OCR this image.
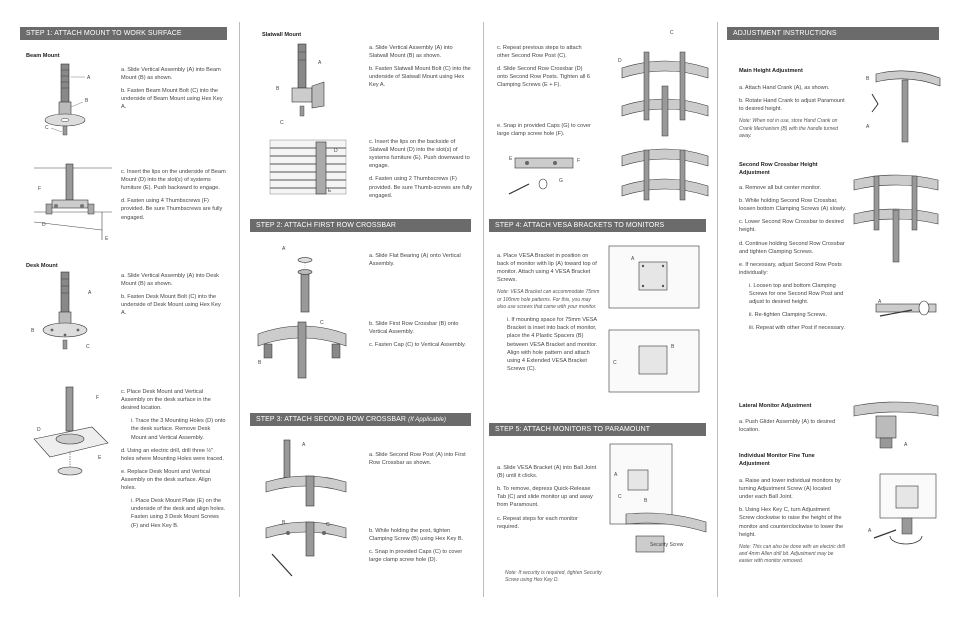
STEP 1: ATTACH MOUNT TO WORK SURFACE
Beam Mount
A
B
C

a. Slide Vertical Assembly (A) into Beam Mount (B) as shown.

b. Fasten Beam Mount Bolt (C) into the underside of Beam Mount using Hex Key A.

F
D
E

c. Insert the lips on the underside of Beam Mount (D) into the slot(s) of systems furniture (E). Push backward to engage.

d. Fasten using 4 Thumbscrews (F) provided. Be sure Thumbscrews are fully engaged.

Desk Mount
A
B
C

a. Slide Vertical Assembly (A) into Desk Mount (B) as shown.

b. Fasten Desk Mount Bolt (C) into the underside of Desk Mount using Hex Key A.

F
D
E

c. Place Desk Mount and Vertical Assembly on the desk surface in the desired location.

i. Trace the 3 Mounting Holes (D) onto the desk surface. Remove Desk Mount and Vertical Assembly.

d. Using an electric drill, drill three ½" holes where Mounting Holes were traced.

e. Replace Desk Mount and Vertical Assembly on the desk surface. Align holes.

i. Place Desk Mount Plate (E) on the underside of the desk and align holes. Fasten using 3 Desk Mount Screws (F) and Hex Key B.

Slatwall Mount
A
B
C

a. Slide Vertical Assembly (A) into Slatwall Mount (B) as shown.

b. Fasten Slatwall Mount Bolt (C) into the underside of Slatwall Mount using Hex Key A.

D
E

c. Insert the lips on the backside of Slatwall Mount (D) into the slot(s) of systems furniture (E). Push downward to engage.

d. Fasten using 2 Thumbscrews (F) provided. Be sure Thumb-screws are fully engaged.

STEP 2: ATTACH FIRST ROW CROSSBAR
A

a. Slide Flat Bearing (A) onto Vertical Assembly.

C
B

b. Slide First Row Crossbar (B) onto Vertical Assembly.

c. Fasten Cap (C) to Vertical Assembly.

STEP 3: ATTACH SECOND ROW CROSSBAR (If Applicable)
A
B	C

a. Slide Second Row Post (A) into First Row Crossbar as shown.

b. While holding the post, tighten Clamping Screw (B) using Hex Key B.

c. Snap in provided Caps (C) to cover large clamp screw hole (D).

c. Repeat previous steps to attach other Second Row Post (C).

d. Slide Second Row Crossbar (D) onto Second Row Posts. Tighten all 6 Clamping Screws (E + F).

C
D

e. Snap in provided Caps (G) to cover large clamp screw hole (F).

E	F
G
STEP 4: ATTACH VESA BRACKETS TO MONITORS

a. Place VESA Bracket in position on back of monitor with lip (A) toward top of monitor. Attach using 4 VESA Bracket Screws.

Note: VESA Bracket can accommodate 75mm or 100mm hole patterns. For this, you may also use screws that came with your monitor.

i. If mounting space for 75mm VESA Bracket is inset into back of monitor, place the 4 Plastic Spacers (B) between VESA Bracket and monitor. Align with hole pattern and attach using 4 Extended VESA Bracket Screws (C).

A
B
C
STEP 5: ATTACH MONITORS TO PARAMOUNT

a. Slide VESA Bracket (A) into Ball Joint (B) until it clicks.

b. To remove, depress Quick-Release Tab (C) and slide monitor up and away from Paramount.

c. Repeat steps for each monitor required.

A
C
B
Security Screw

Note: If security is required, tighten Security Screw using Hex Key D.

ADJUSTMENT INSTRUCTIONS
Main Height Adjustment

a. Attach Hand Crank (A), as shown.

b. Rotate Hand Crank to adjust Paramount to desired height.

Note: When not in use, store Hand Crank on Crank Mechanism (B) with the handle turned away.

B
A
Second Row Crossbar Height Adjustment

a. Remove all but center monitor.

b. While holding Second Row Crossbar, loosen bottom Clamping Screws (A) slowly.

c. Lower Second Row Crossbar to desired height.

d. Continue holding Second Row Crossbar and tighten Clamping Screws.

e. If necessary, adjust Second Row Posts individually:

i. Loosen top and bottom Clamping Screws for one Second Row Post and adjust to desired height.

ii. Re-tighten Clamping Screws.

iii. Repeat with other Post if necessary.

A
Lateral Monitor Adjustment

a. Push Glider Assembly (A) to desired location.

A
Individual Monitor Fine Tune Adjustment

a. Raise and lower individual monitors by turning Adjustment Screw (A) located under each Ball Joint.

b. Using Hex Key C, turn Adjustment Screw clockwise to raise the height of the monitor and counterclockwise to lower the height.

Note: This can also be done with an electric drill and 4mm Allen drill bit. Adjustment may be easier with monitor removed.

A
